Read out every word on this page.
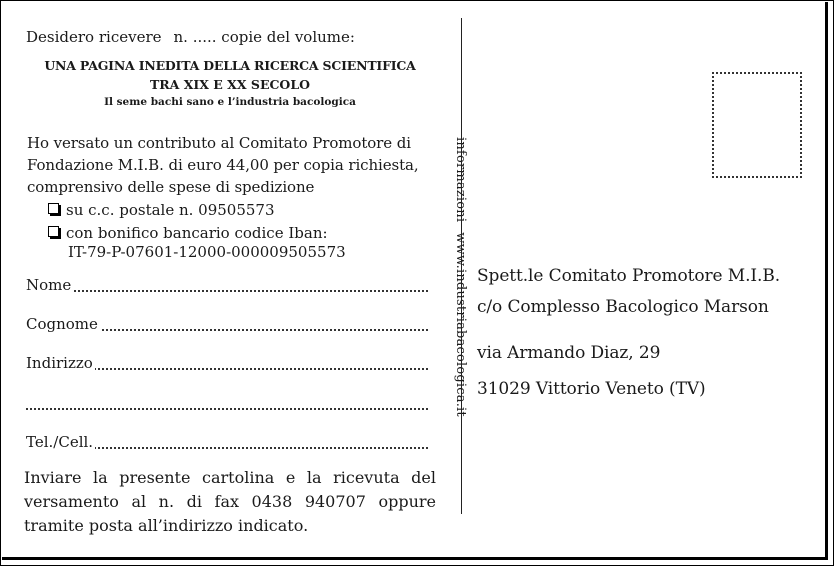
Desidero ricevere n. ..... copie del volume:
UNA PAGINA INEDITA DELLA RICERCA SCIENTIFICA
TRA XIX E XX SECOLO
Il seme bachi sano e l’industria bacologica
Ho versato un contributo al Comitato Promotore di
Fondazione M.I.B. di euro 44,00 per copia richiesta,
comprensivo delle spese di spedizione
su c.c. postale n. 09505573
con bonifico bancario codice Iban:
IT-79-P-07601-12000-000009505573
Nome
Cognome
Indirizzo
Tel./Cell.
Inviare la presente cartolina e la ricevuta del
versamento al n. di fax 0438 940707 oppure
tramite posta all’indirizzo indicato.
informazioniwww.industriabacologica.it Spett.le Comitato Promotore M.I.B.
c/o Complesso Bacologico Marson
via Armando Diaz, 29
31029 Vittorio Veneto (TV)
